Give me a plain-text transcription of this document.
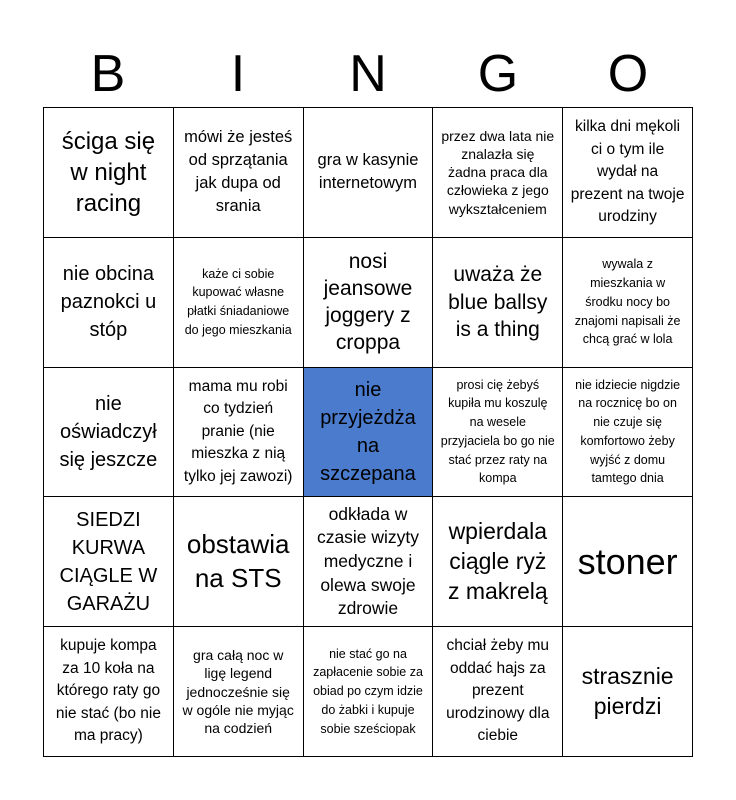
B	I	N	G	O
ściga się w night racing
mówi że jesteś od sprzątania jak dupa od srania
gra w kasynie internetowym
przez dwa lata nie znalazła się żadna praca dla człowieka z jego wykształceniem
kilka dni mękoli ci o tym ile wydał na prezent na twoje urodziny
nie obcina paznokci u stóp
każe ci sobie kupować własne płatki śniadaniowe do jego mieszkania
nosi jeansowe joggery z croppa
uważa że blue ballsy is a thing
wywala z mieszkania w środku nocy bo znajomi napisali że chcą grać w lola
nie oświadczył się jeszcze
mama mu robi co tydzień pranie (nie mieszka z nią tylko jej zawozi)
nie przyjeżdża na szczepana
prosi cię żebyś kupiła mu koszulę na wesele przyjaciela bo go nie stać przez raty na kompa
nie idziecie nigdzie na rocznicę bo on nie czuje się komfortowo żeby wyjść z domu tamtego dnia
SIEDZI KURWA CIĄGLE W GARAŻU
obstawia na STS
odkłada w czasie wizyty medyczne i olewa swoje zdrowie
wpierdala ciągle ryż z makrelą
stoner
kupuje kompa za 10 koła na którego raty go nie stać (bo nie ma pracy)
gra całą noc w ligę legend jednocześnie się w ogóle nie myjąc na codzień
nie stać go na zapłacenie sobie za obiad po czym idzie do żabki i kupuje sobie sześciopak
chciał żeby mu oddać hajs za prezent urodzinowy dla ciebie
strasznie pierdzi
